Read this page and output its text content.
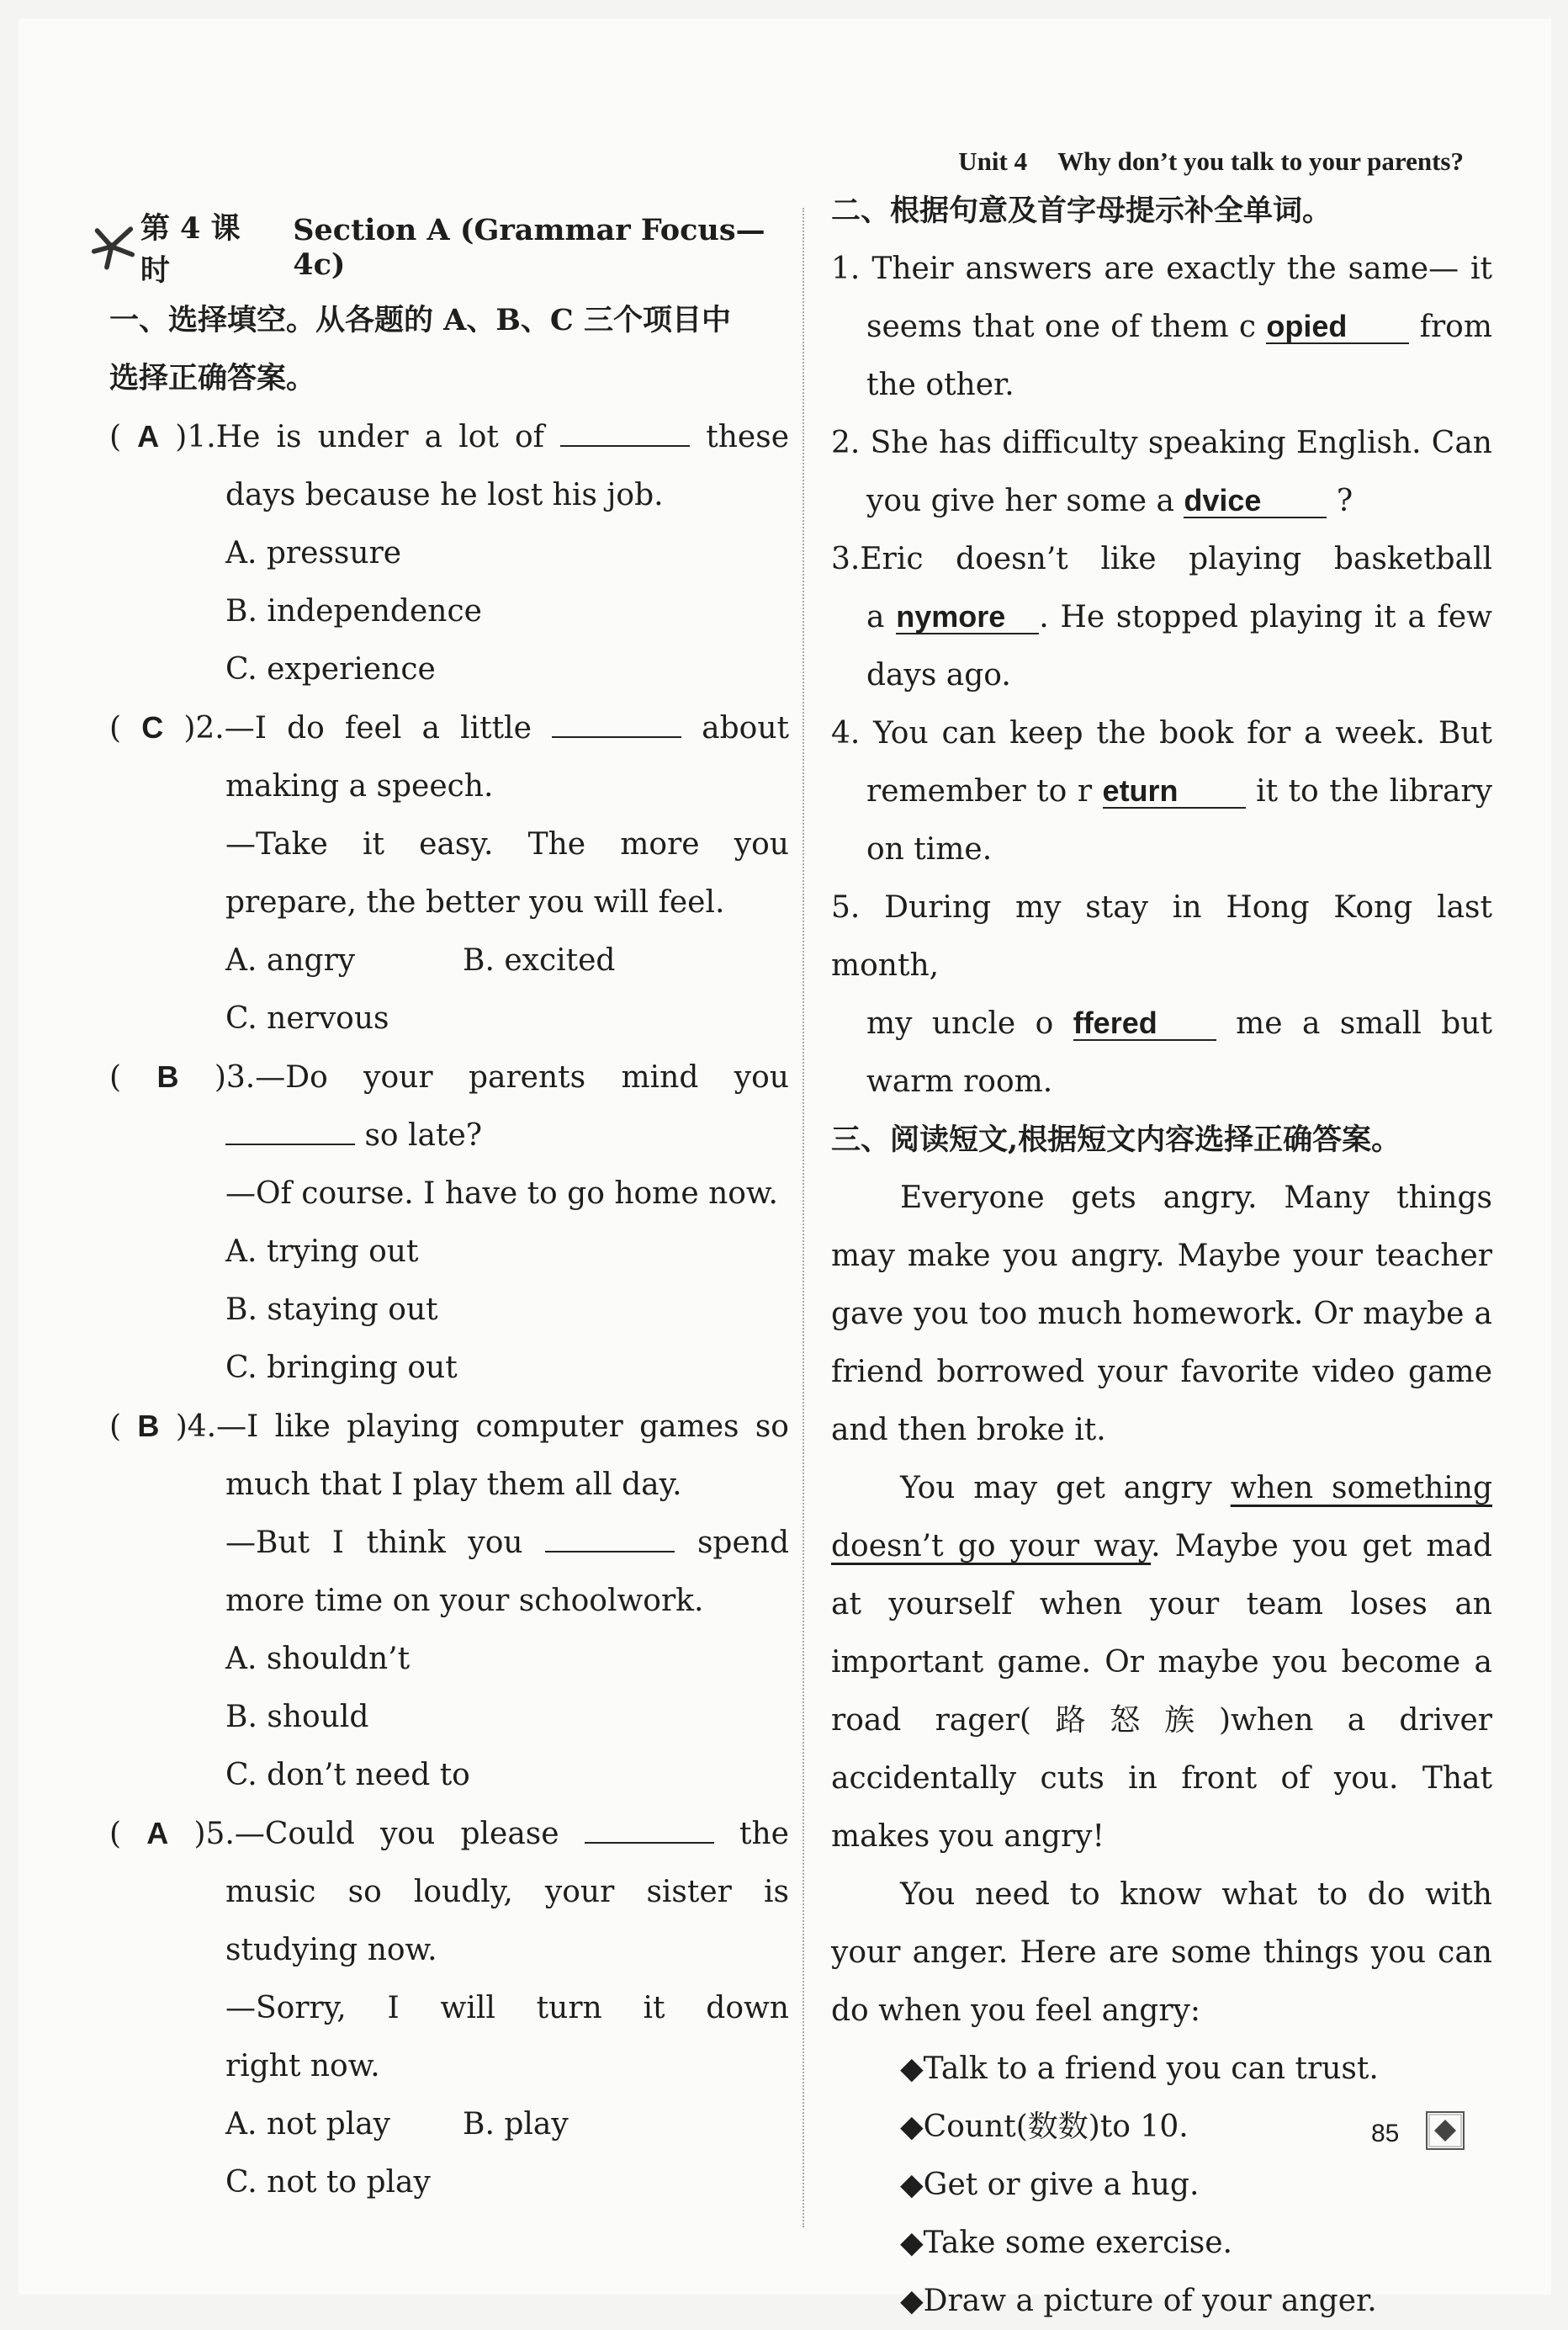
Unit 4 Why don’t you talk to your parents?
第 4 课时
Section A (Grammar Focus—4c)
一、选择填空。从各题的 A、B、C 三个项目中
选择正确答案。
( A )1.He is under a lot of	these
days because he lost his job.
A. pressure
B. independence
C. experience
( C )2.—I do feel a little	about
making a speech.
—Take it easy. The more you
prepare, the better you will feel.
A. angry	B. excited
C. nervous
( B )3.—Do your parents mind you
so late?
—Of course. I have to go home now.
A. trying out
B. staying out
C. bringing out
( B )4.—I like playing computer games so
much that I play them all day.
—But I think you	spend
more time on your schoolwork.
A. shouldn’t
B. should
C. don’t need to
( A )5.—Could you please	the
music so loudly, your sister is
studying now.
—Sorry, I will turn it down
right now.
A. not play	B. play
C. not to play
二、根据句意及首字母提示补全单词。
1. Their answers are exactly the same— it
seems that one of them c opied from
the other.
2. She has difficulty speaking English. Can
you give her some a dvice ?
3.Eric doesn’t like playing basketball
a nymore . He stopped playing it a few
days ago.
4. You can keep the book for a week. But
remember to r eturn	it to the library
on time.
5. During my stay in Hong Kong last month,
my uncle o ffered	me a small but
warm room.
三、阅读短文,根据短文内容选择正确答案。
Everyone gets angry. Many things may make you angry. Maybe your teacher gave you too much homework. Or maybe a friend borrowed your favorite video game and then broke it.
You may get angry when something doesn’t go your way. Maybe you get mad at yourself when your team loses an important game. Or maybe you become a road rager(路怒族)when a driver accidentally cuts in front of you. That makes you angry!
You need to know what to do with your anger. Here are some things you can do when you feel angry:
◆Talk to a friend you can trust.
◆Count(数数)to 10.
◆Get or give a hug.
◆Take some exercise.
◆Draw a picture of your anger.
85
